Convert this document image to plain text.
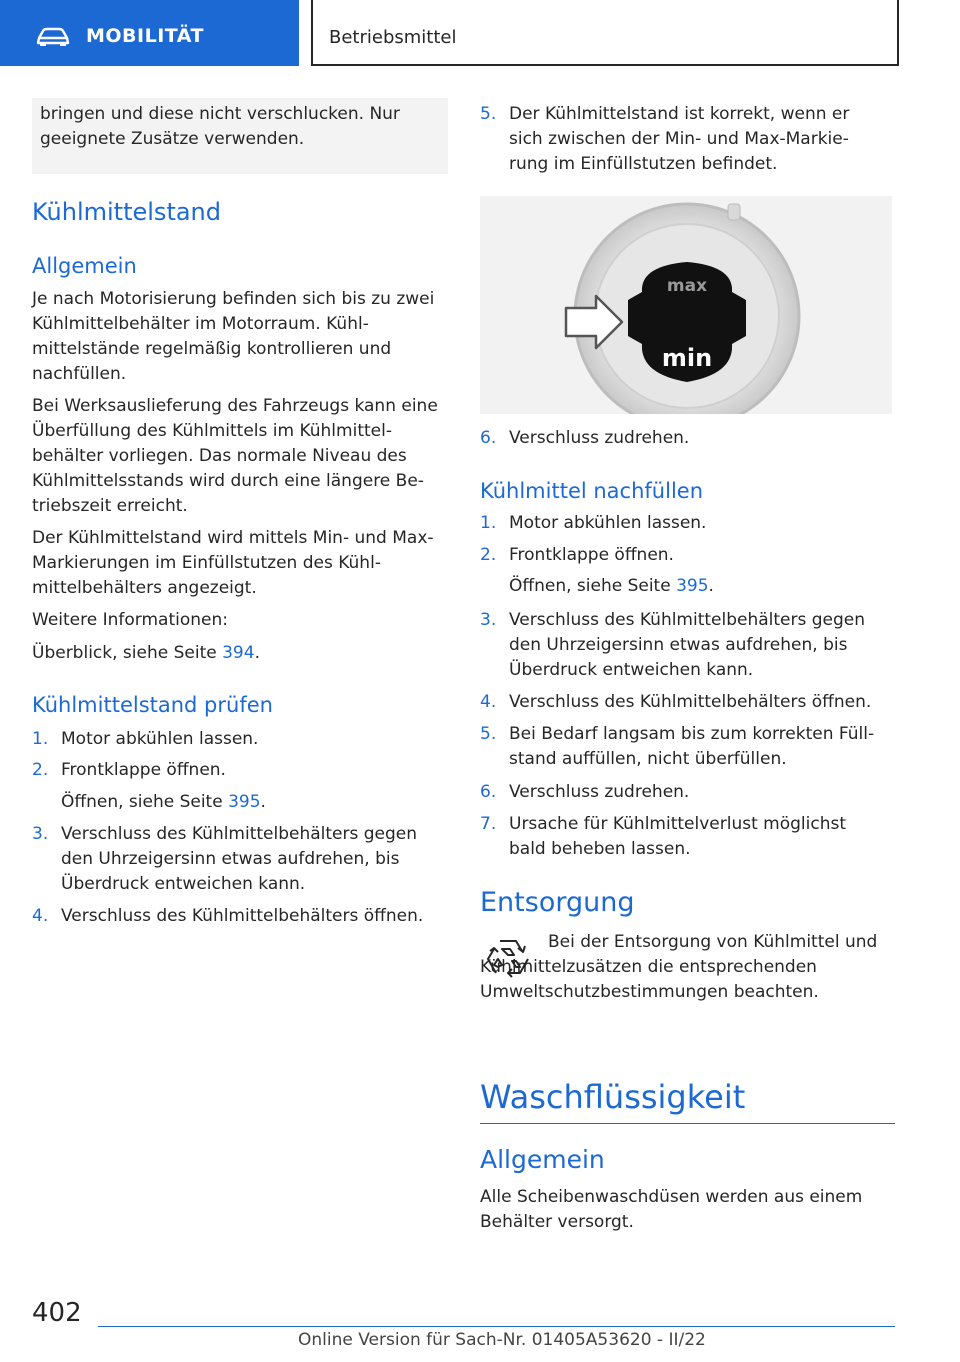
MOBILITÄT	Betriebsmittel

bringen und diese nicht verschlucken. Nur geeignete Zusätze verwenden.

Kühlmittelstand
Allgemein

Je nach Motorisierung befinden sich bis zu zwei Kühlmittelbehälter im Motorraum. Kühlmittelstände regelmäßig kontrollieren und nachfüllen.

Bei Werksauslieferung des Fahrzeugs kann eine Überfüllung des Kühlmittels im Kühlmittelbehälter vorliegen. Das normale Niveau des Kühlmittelsstands wird durch eine längere Betriebszeit erreicht.

Der Kühlmittelstand wird mittels Min- und Max-Markierungen im Einfüllstutzen des Kühlmittelbehälters angezeigt.

Weitere Informationen:

Überblick, siehe Seite 394.

Kühlmittelstand prüfen
1. Motor abkühlen lassen.
2. Frontklappe öffnen.

Öffnen, siehe Seite 395.

3. Verschluss des Kühlmittelbehälters gegen den Uhrzeigersinn etwas aufdrehen, bis Überdruck entweichen kann.
4. Verschluss des Kühlmittelbehälters öffnen.
5. Der Kühlmittelstand ist korrekt, wenn er sich zwischen der Min- und Max-Markierung im Einfüllstutzen befindet.
max
min
6. Verschluss zudrehen.
Kühlmittel nachfüllen
1. Motor abkühlen lassen.
2. Frontklappe öffnen.

Öffnen, siehe Seite 395.

3. Verschluss des Kühlmittelbehälters gegen den Uhrzeigersinn etwas aufdrehen, bis Überdruck entweichen kann.
4. Verschluss des Kühlmittelbehälters öffnen.
5. Bei Bedarf langsam bis zum korrekten Füllstand auffüllen, nicht überfüllen.
6. Verschluss zudrehen.
7. Ursache für Kühlmittelverlust möglichst bald beheben lassen.
Entsorgung

Bei der Entsorgung von Kühlmittel und Kühlmittelzusätzen die entsprechenden Umweltschutzbestimmungen beachten.

Waschflüssigkeit
Allgemein

Alle Scheibenwaschdüsen werden aus einem Behälter versorgt.

402
Online Version für Sach-Nr. 01405A53620 - II/22
